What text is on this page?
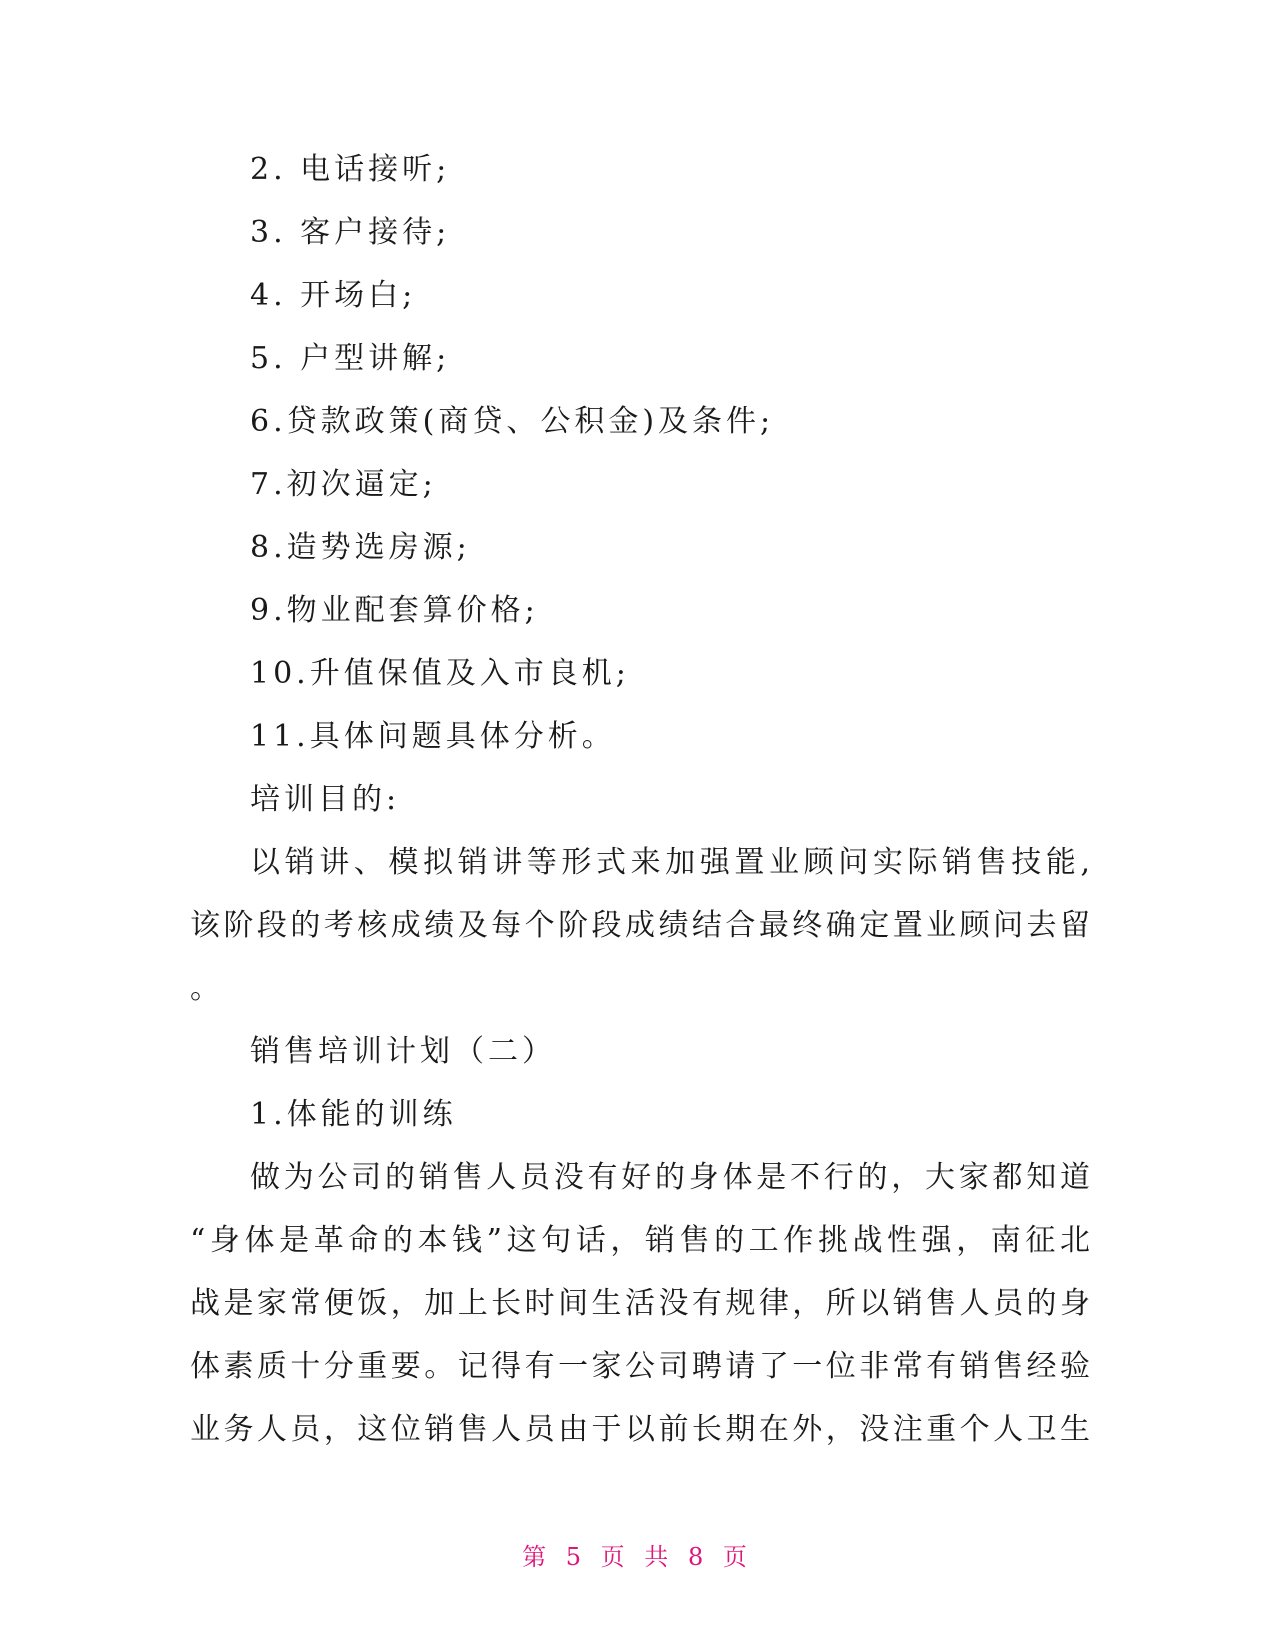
2. 电话接听;
3. 客户接待;
4. 开场白;
5. 户型讲解;
6.贷款政策(商贷、公积金)及条件;
7.初次逼定;
8.造势选房源;
9.物业配套算价格;
10.升值保值及入市良机;
11.具体问题具体分析。
培训目的:
以销讲、模拟销讲等形式来加强置业顾问实际销售技能,
该阶段的考核成绩及每个阶段成绩结合最终确定置业顾问去留
。
销售培训计划（二）
1.体能的训练
做为公司的销售人员没有好的身体是不行的，大家都知道
“身体是革命的本钱”这句话，销售的工作挑战性强，南征北
战是家常便饭，加上长时间生活没有规律，所以销售人员的身
体素质十分重要。记得有一家公司聘请了一位非常有销售经验
业务人员，这位销售人员由于以前长期在外，没注重个人卫生
第 5 页 共 8 页
